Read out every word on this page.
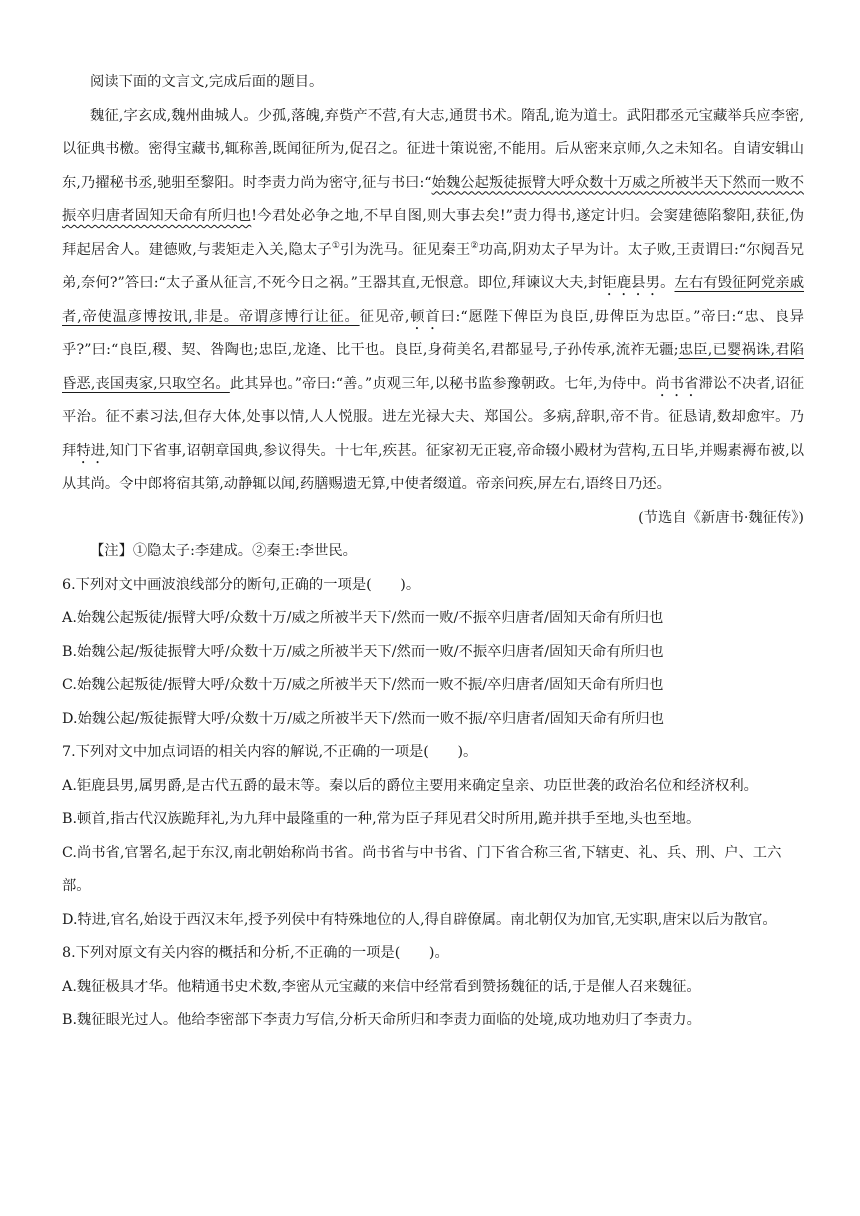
阅读下面的文言文,完成后面的题目。

魏征,字玄成,魏州曲城人。少孤,落魄,弃赀产不营,有大志,通贯书术。隋乱,诡为道士。武阳郡丞元宝藏举兵应李密,以征典书檄。密得宝藏书,辄称善,既闻征所为,促召之。征进十策说密,不能用。后从密来京师,久之未知名。自请安辑山东,乃擢秘书丞,驰驲至黎阳。时李责力尚为密守,征与书曰:“始魏公起叛徒振臂大呼众数十万威之所被半天下然而一败不振卒归唐者固知天命有所归也!今君处必争之地,不早自图,则大事去矣!”责力得书,遂定计归。会窦建德陷黎阳,获征,伪拜起居舍人。建德败,与裴矩走入关,隐太子①引为洗马。征见秦王②功高,阴劝太子早为计。太子败,王责谓曰:“尔阋吾兄弟,奈何?”答曰:“太子蚤从征言,不死今日之祸。”王器其直,无恨意。即位,拜谏议大夫,封钜鹿县男。左右有毁征阿党亲戚者,帝使温彦博按讯,非是。帝谓彦博行让征。征见帝,顿首曰:“愿陛下俾臣为良臣,毋俾臣为忠臣。”帝曰:“忠、良异乎?”曰:“良臣,稷、契、咎陶也;忠臣,龙逄、比干也。良臣,身荷美名,君都显号,子孙传承,流祚无疆;忠臣,已婴祸诛,君陷昏恶,丧国夷家,只取空名。此其异也。”帝曰:“善。”贞观三年,以秘书监参豫朝政。七年,为侍中。尚书省滞讼不决者,诏征平治。征不素习法,但存大体,处事以情,人人悦服。进左光禄大夫、郑国公。多病,辞职,帝不肯。征恳请,数却愈牢。乃拜特进,知门下省事,诏朝章国典,参议得失。十七年,疾甚。征家初无正寝,帝命辍小殿材为营构,五日毕,并赐素褥布被,以从其尚。令中郎将宿其第,动静辄以闻,药膳赐遗无算,中使者缀道。帝亲问疾,屏左右,语终日乃还。

(节选自《新唐书·魏征传》)

【注】①隐太子:李建成。②秦王:李世民。

6.下列对文中画波浪线部分的断句,正确的一项是(　　)。

A.始魏公起叛徒/振臂大呼/众数十万/威之所被半天下/然而一败/不振卒归唐者/固知天命有所归也

B.始魏公起/叛徒振臂大呼/众数十万/威之所被半天下/然而一败/不振卒归唐者/固知天命有所归也

C.始魏公起叛徒/振臂大呼/众数十万/威之所被半天下/然而一败不振/卒归唐者/固知天命有所归也

D.始魏公起/叛徒振臂大呼/众数十万/威之所被半天下/然而一败不振/卒归唐者/固知天命有所归也

7.下列对文中加点词语的相关内容的解说,不正确的一项是(　　)。

A.钜鹿县男,属男爵,是古代五爵的最末等。秦以后的爵位主要用来确定皇亲、功臣世袭的政治名位和经济权利。

B.顿首,指古代汉族跪拜礼,为九拜中最隆重的一种,常为臣子拜见君父时所用,跪并拱手至地,头也至地。

C.尚书省,官署名,起于东汉,南北朝始称尚书省。尚书省与中书省、门下省合称三省,下辖吏、礼、兵、刑、户、工六部。

D.特进,官名,始设于西汉末年,授予列侯中有特殊地位的人,得自辟僚属。南北朝仅为加官,无实职,唐宋以后为散官。

8.下列对原文有关内容的概括和分析,不正确的一项是(　　)。

A.魏征极具才华。他精通书史术数,李密从元宝藏的来信中经常看到赞扬魏征的话,于是催人召来魏征。

B.魏征眼光过人。他给李密部下李责力写信,分析天命所归和李责力面临的处境,成功地劝归了李责力。
